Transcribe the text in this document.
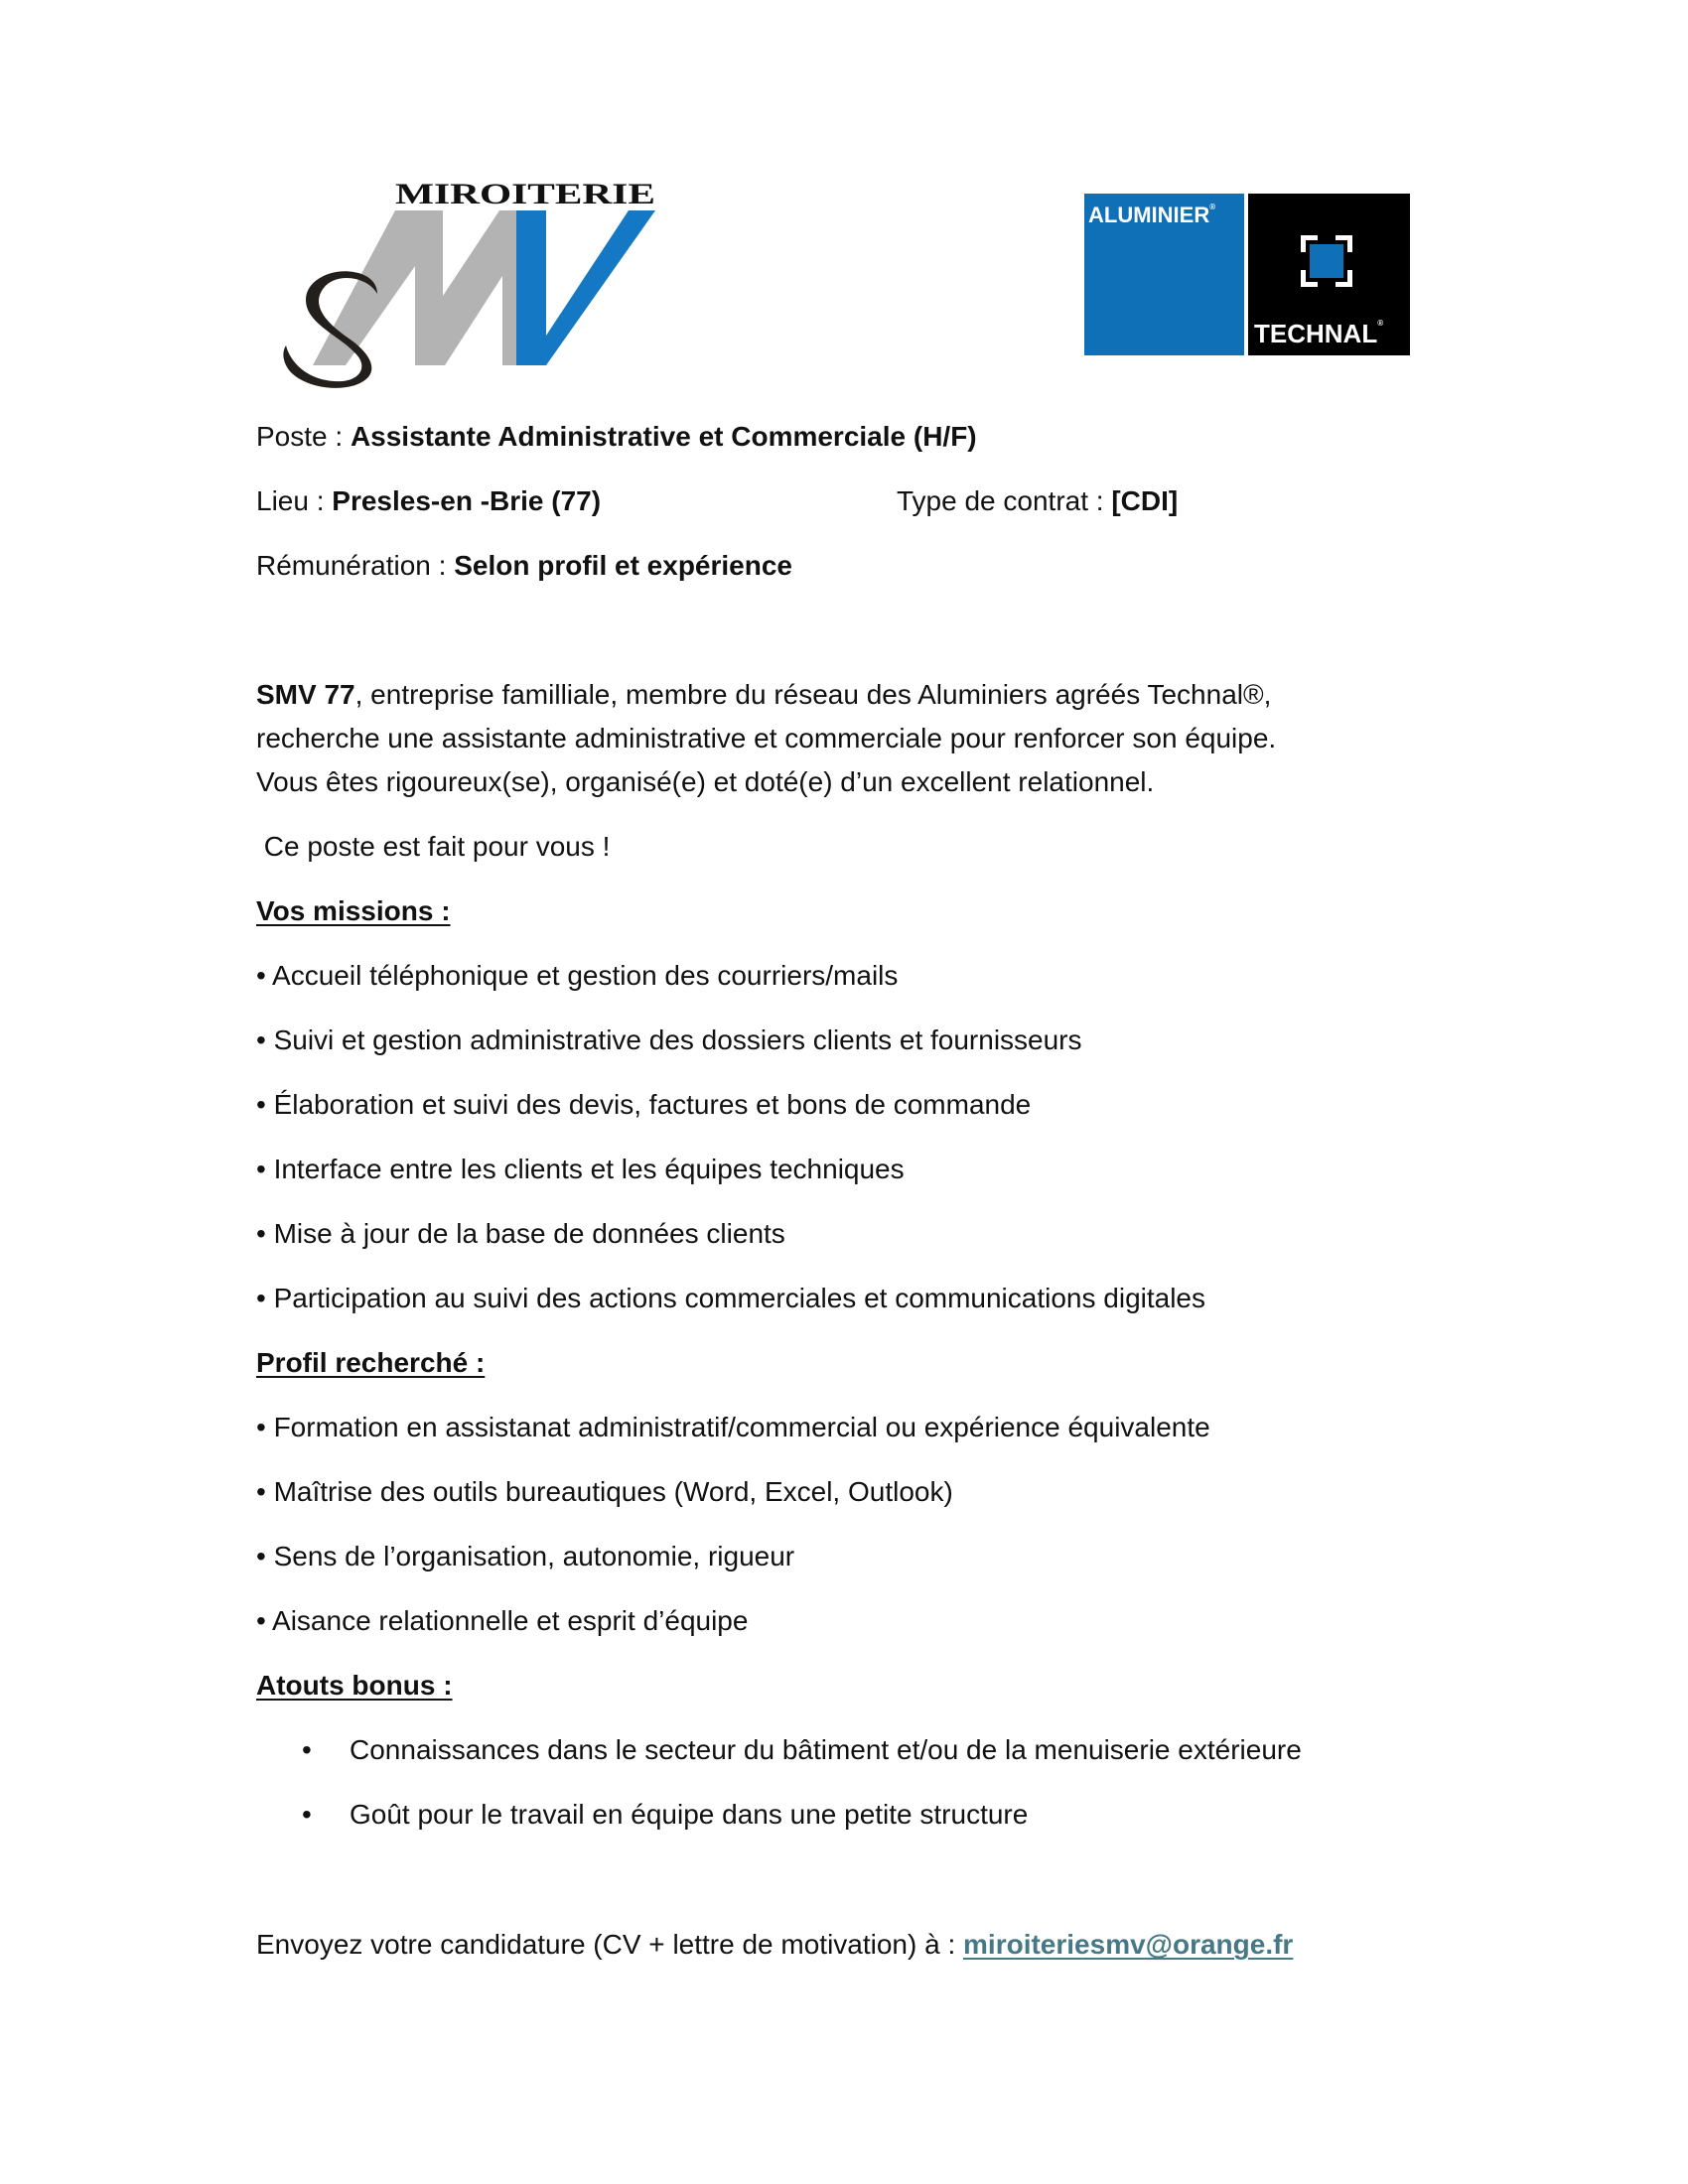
MIROITERIE
ALUMINIER®
TECHNAL®
Poste : Assistante Administrative et Commerciale (H/F)
Lieu : Presles-en -Brie (77)	Type de contrat : [CDI]
Rémunération : Selon profil et expérience
SMV 77, entreprise familliale, membre du réseau des Aluminiers agréés Technal®,
recherche une assistante administrative et commerciale pour renforcer son équipe.
Vous êtes rigoureux(se), organisé(e) et doté(e) d’un excellent relationnel.
Ce poste est fait pour vous !
Vos missions :
• Accueil téléphonique et gestion des courriers/mails
• Suivi et gestion administrative des dossiers clients et fournisseurs
• Élaboration et suivi des devis, factures et bons de commande
• Interface entre les clients et les équipes techniques
• Mise à jour de la base de données clients
• Participation au suivi des actions commerciales et communications digitales
Profil recherché :
• Formation en assistanat administratif/commercial ou expérience équivalente
• Maîtrise des outils bureautiques (Word, Excel, Outlook)
• Sens de l’organisation, autonomie, rigueur
• Aisance relationnelle et esprit d’équipe
Atouts bonus :
• Connaissances dans le secteur du bâtiment et/ou de la menuiserie extérieure
• Goût pour le travail en équipe dans une petite structure
Envoyez votre candidature (CV + lettre de motivation) à : miroiteriesmv@orange.fr
